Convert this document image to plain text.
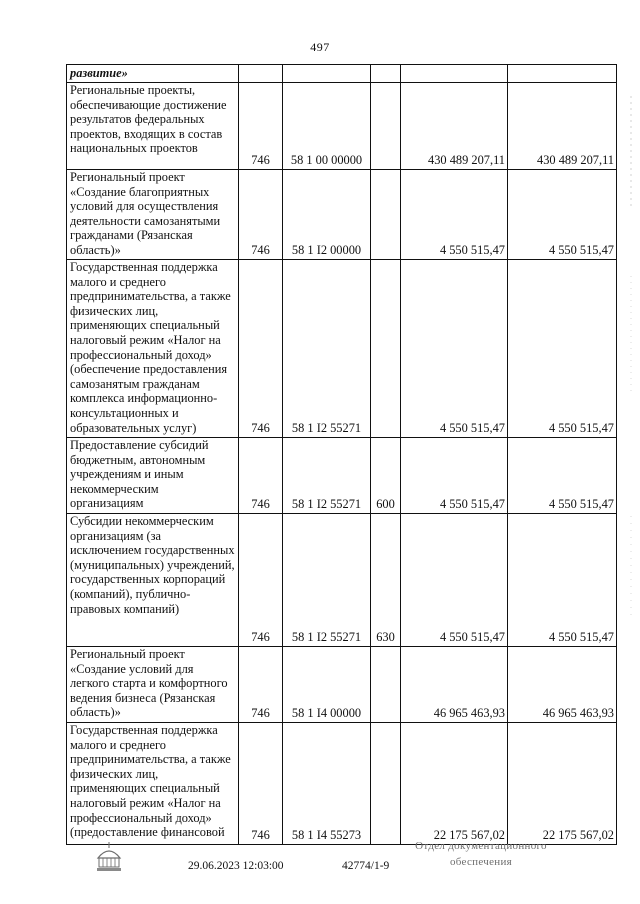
497
развитие»					
Региональные проекты, обеспечивающие достижение результатов федеральных проектов, входящих в состав национальных проектов	746	58 1 00 00000		430 489 207,11	430 489 207,11
Региональный проект «Создание благоприятных условий для осуществления деятельности самозанятыми гражданами (Рязанская область)»	746	58 1 I2 00000		4 550 515,47	4 550 515,47
Государственная поддержка малого и среднего предпринимательства, а также физических лиц, применяющих специальный налоговый режим «Налог на профессиональный доход» (обеспечение предоставления самозанятым гражданам комплекса информационно-консультационных и образовательных услуг)	746	58 1 I2 55271		4 550 515,47	4 550 515,47
Предоставление субсидий бюджетным, автономным учреждениям и иным некоммерческим организациям	746	58 1 I2 55271	600	4 550 515,47	4 550 515,47
Субсидии некоммерческим организациям (за исключением государственных (муниципальных) учреждений, государственных корпораций (компаний), публично-правовых компаний)	746	58 1 I2 55271	630	4 550 515,47	4 550 515,47
Региональный проект «Создание условий для легкого старта и комфортного ведения бизнеса (Рязанская область)»	746	58 1 I4 00000		46 965 463,93	46 965 463,93
Государственная поддержка малого и среднего предпринимательства, а также физических лиц, применяющих специальный налоговый режим «Налог на профессиональный доход» (предоставление финансовой	746	58 1 I4 55273		22 175 567,02	22 175 567,02
29.06.2023 12:03:00	42774/1-9
Отдел документационного
обеспечения
